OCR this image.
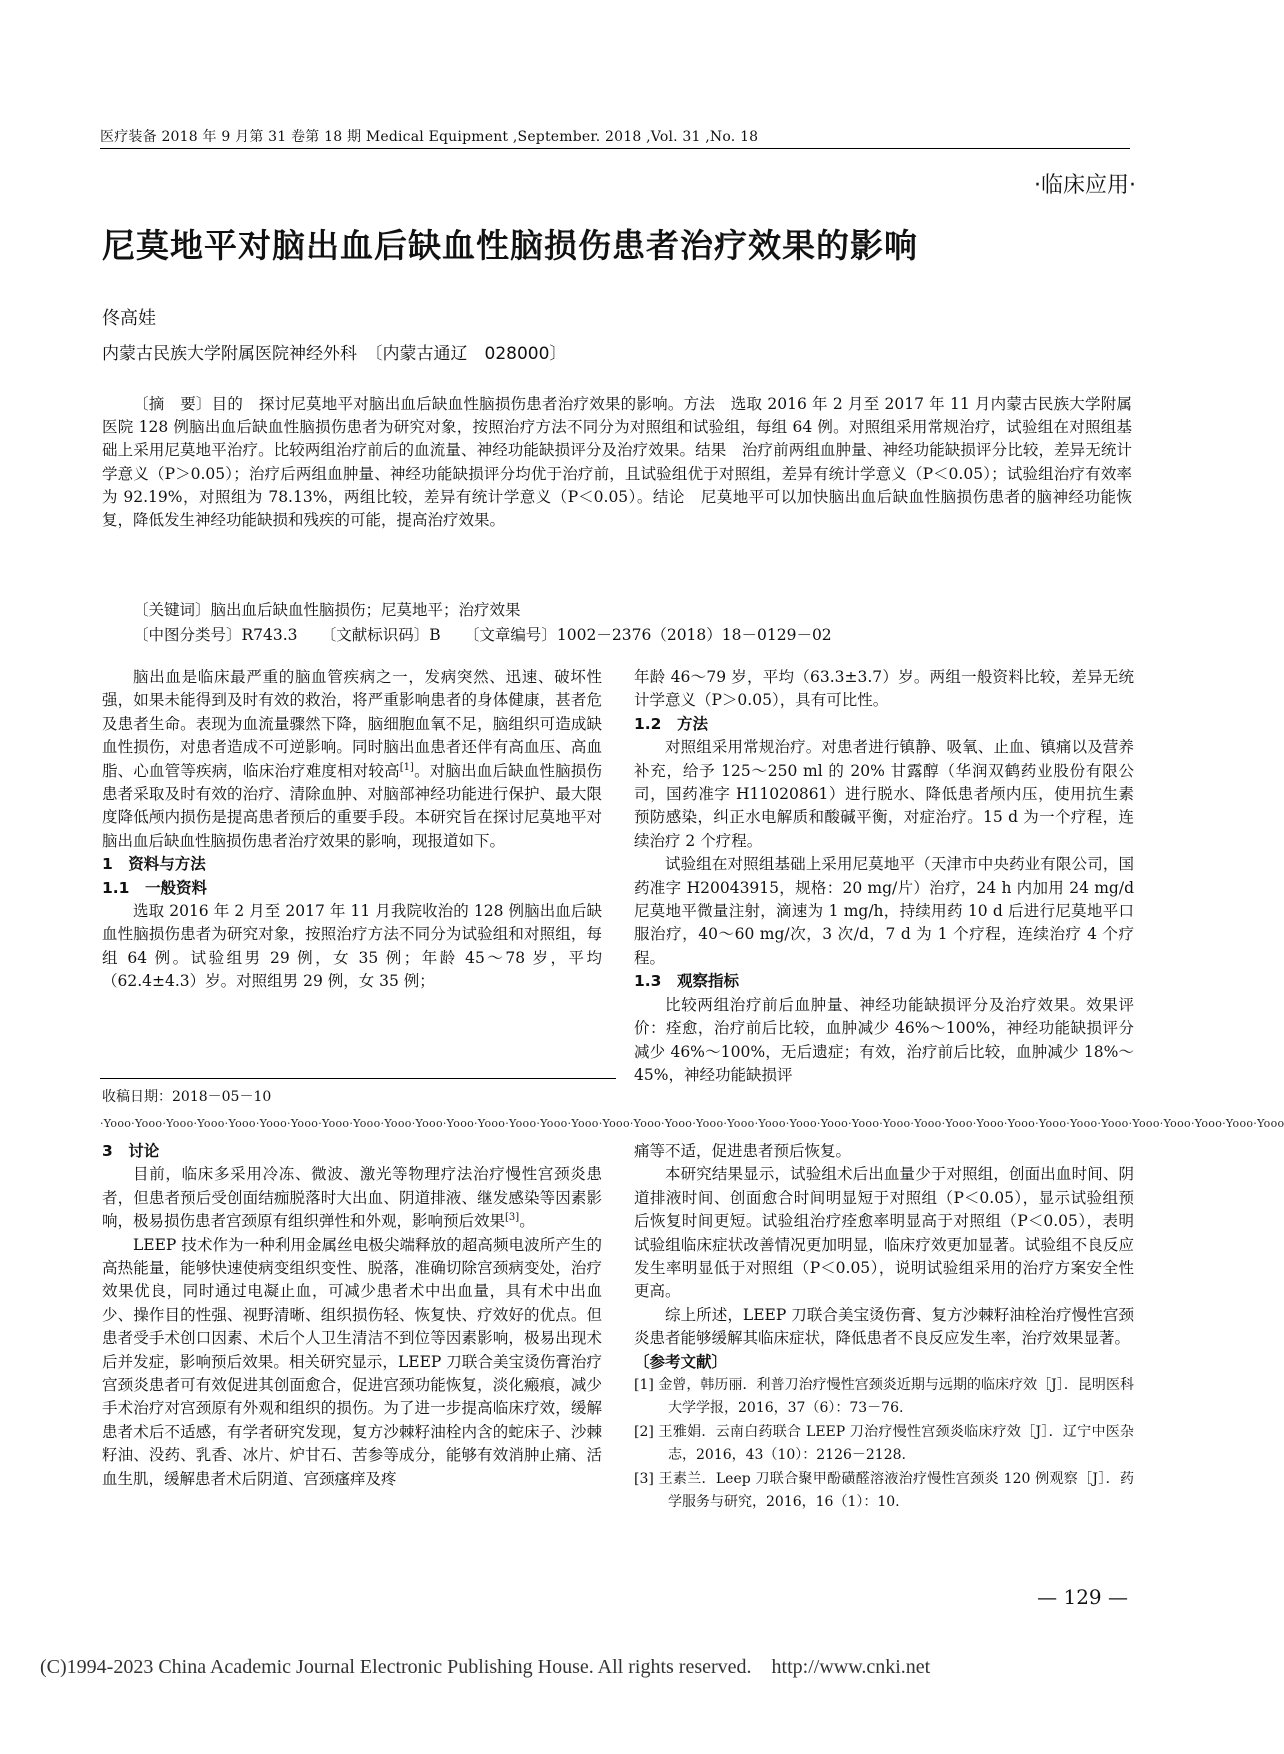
医疗装备 2018 年 9 月第 31 卷第 18 期 Medical Equipment ,September. 2018 ,Vol. 31 ,No. 18
·临床应用·
尼莫地平对脑出血后缺血性脑损伤患者治疗效果的影响
佟高娃
内蒙古民族大学附属医院神经外科　〔内蒙古通辽　028000〕

〔摘　要〕目的　探讨尼莫地平对脑出血后缺血性脑损伤患者治疗效果的影响。方法　选取 2016 年 2 月至 2017 年 11 月内蒙古民族大学附属医院 128 例脑出血后缺血性脑损伤患者为研究对象，按照治疗方法不同分为对照组和试验组，每组 64 例。对照组采用常规治疗，试验组在对照组基础上采用尼莫地平治疗。比较两组治疗前后的血流量、神经功能缺损评分及治疗效果。结果　治疗前两组血肿量、神经功能缺损评分比较，差异无统计学意义（P＞0.05）；治疗后两组血肿量、神经功能缺损评分均优于治疗前，且试验组优于对照组，差异有统计学意义（P＜0.05）；试验组治疗有效率为 92.19%，对照组为 78.13%，两组比较，差异有统计学意义（P＜0.05）。结论　尼莫地平可以加快脑出血后缺血性脑损伤患者的脑神经功能恢复，降低发生神经功能缺损和残疾的可能，提高治疗效果。

〔关键词〕脑出血后缺血性脑损伤；尼莫地平；治疗效果
〔中图分类号〕R743.3　　〔文献标识码〕B　　〔文章编号〕1002－2376（2018）18－0129－02

脑出血是临床最严重的脑血管疾病之一，发病突然、迅速、破坏性强，如果未能得到及时有效的救治，将严重影响患者的身体健康，甚者危及患者生命。表现为血流量骤然下降，脑细胞血氧不足，脑组织可造成缺血性损伤，对患者造成不可逆影响。同时脑出血患者还伴有高血压、高血脂、心血管等疾病，临床治疗难度相对较高[1]。对脑出血后缺血性脑损伤患者采取及时有效的治疗、清除血肿、对脑部神经功能进行保护、最大限度降低颅内损伤是提高患者预后的重要手段。本研究旨在探讨尼莫地平对脑出血后缺血性脑损伤患者治疗效果的影响，现报道如下。

1　资料与方法
1.1　一般资料

选取 2016 年 2 月至 2017 年 11 月我院收治的 128 例脑出血后缺血性脑损伤患者为研究对象，按照治疗方法不同分为试验组和对照组，每组 64 例。试验组男 29 例，女 35 例；年龄 45～78 岁，平均（62.4±4.3）岁。对照组男 29 例，女 35 例；

收稿日期：2018－05－10

年龄 46～79 岁，平均（63.3±3.7）岁。两组一般资料比较，差异无统计学意义（P＞0.05），具有可比性。

1.2　方法

对照组采用常规治疗。对患者进行镇静、吸氧、止血、镇痛以及营养补充，给予 125～250 ml 的 20% 甘露醇（华润双鹤药业股份有限公司，国药准字 H11020861）进行脱水、降低患者颅内压，使用抗生素预防感染，纠正水电解质和酸碱平衡，对症治疗。15 d 为一个疗程，连续治疗 2 个疗程。

试验组在对照组基础上采用尼莫地平（天津市中央药业有限公司，国药准字 H20043915，规格：20 mg/片）治疗，24 h 内加用 24 mg/d 尼莫地平微量注射，滴速为 1 mg/h，持续用药 10 d 后进行尼莫地平口服治疗，40～60 mg/次，3 次/d，7 d 为 1 个疗程，连续治疗 4 个疗程。

1.3　观察指标

比较两组治疗前后血肿量、神经功能缺损评分及治疗效果。效果评价：痊愈，治疗前后比较，血肿减少 46%～100%，神经功能缺损评分减少 46%～100%，无后遗症；有效，治疗前后比较，血肿减少 18%～45%，神经功能缺损评

·Yooo·Yooo·Yooo·Yooo·Yooo·Yooo·Yooo·Yooo·Yooo·Yooo·Yooo·Yooo·Yooo·Yooo·Yooo·Yooo·Yooo·Yooo·Yooo·Yooo·Yooo·Yooo·Yooo·Yooo·Yooo·Yooo·Yooo·Yooo·Yooo·Yooo·Yooo·Yooo·Yooo·Yooo·Yooo·Yooo·Yooo·Yooo
3　讨论

目前，临床多采用冷冻、微波、激光等物理疗法治疗慢性宫颈炎患者，但患者预后受创面结痂脱落时大出血、阴道排液、继发感染等因素影响，极易损伤患者宫颈原有组织弹性和外观，影响预后效果[3]。

LEEP 技术作为一种利用金属丝电极尖端释放的超高频电波所产生的高热能量，能够快速使病变组织变性、脱落，准确切除宫颈病变处，治疗效果优良，同时通过电凝止血，可减少患者术中出血量，具有术中出血少、操作目的性强、视野清晰、组织损伤轻、恢复快、疗效好的优点。但患者受手术创口因素、术后个人卫生清洁不到位等因素影响，极易出现术后并发症，影响预后效果。相关研究显示，LEEP 刀联合美宝烫伤膏治疗宫颈炎患者可有效促进其创面愈合，促进宫颈功能恢复，淡化瘢痕，减少手术治疗对宫颈原有外观和组织的损伤。为了进一步提高临床疗效，缓解患者术后不适感，有学者研究发现，复方沙棘籽油栓内含的蛇床子、沙棘籽油、没药、乳香、冰片、炉甘石、苦参等成分，能够有效消肿止痛、活血生肌，缓解患者术后阴道、宫颈瘙痒及疼

痛等不适，促进患者预后恢复。

本研究结果显示，试验组术后出血量少于对照组，创面出血时间、阴道排液时间、创面愈合时间明显短于对照组（P＜0.05），显示试验组预后恢复时间更短。试验组治疗痊愈率明显高于对照组（P＜0.05），表明试验组临床症状改善情况更加明显，临床疗效更加显著。试验组不良反应发生率明显低于对照组（P＜0.05），说明试验组采用的治疗方案安全性更高。

综上所述，LEEP 刀联合美宝烫伤膏、复方沙棘籽油栓治疗慢性宫颈炎患者能够缓解其临床症状，降低患者不良反应发生率，治疗效果显著。

〔参考文献〕

[1] 金曾，韩历丽．利普刀治疗慢性宫颈炎近期与远期的临床疗效［J］．昆明医科大学学报，2016，37（6）：73－76.

[2] 王雅娟．云南白药联合 LEEP 刀治疗慢性宫颈炎临床疗效［J］．辽宁中医杂志，2016，43（10）：2126－2128.

[3] 王素兰．Leep 刀联合聚甲酚磺醛溶液治疗慢性宫颈炎 120 例观察［J］．药学服务与研究，2016，16（1）：10.

— 129 —
(C)1994-2023 China Academic Journal Electronic Publishing House. All rights reserved.    http://www.cnki.net
